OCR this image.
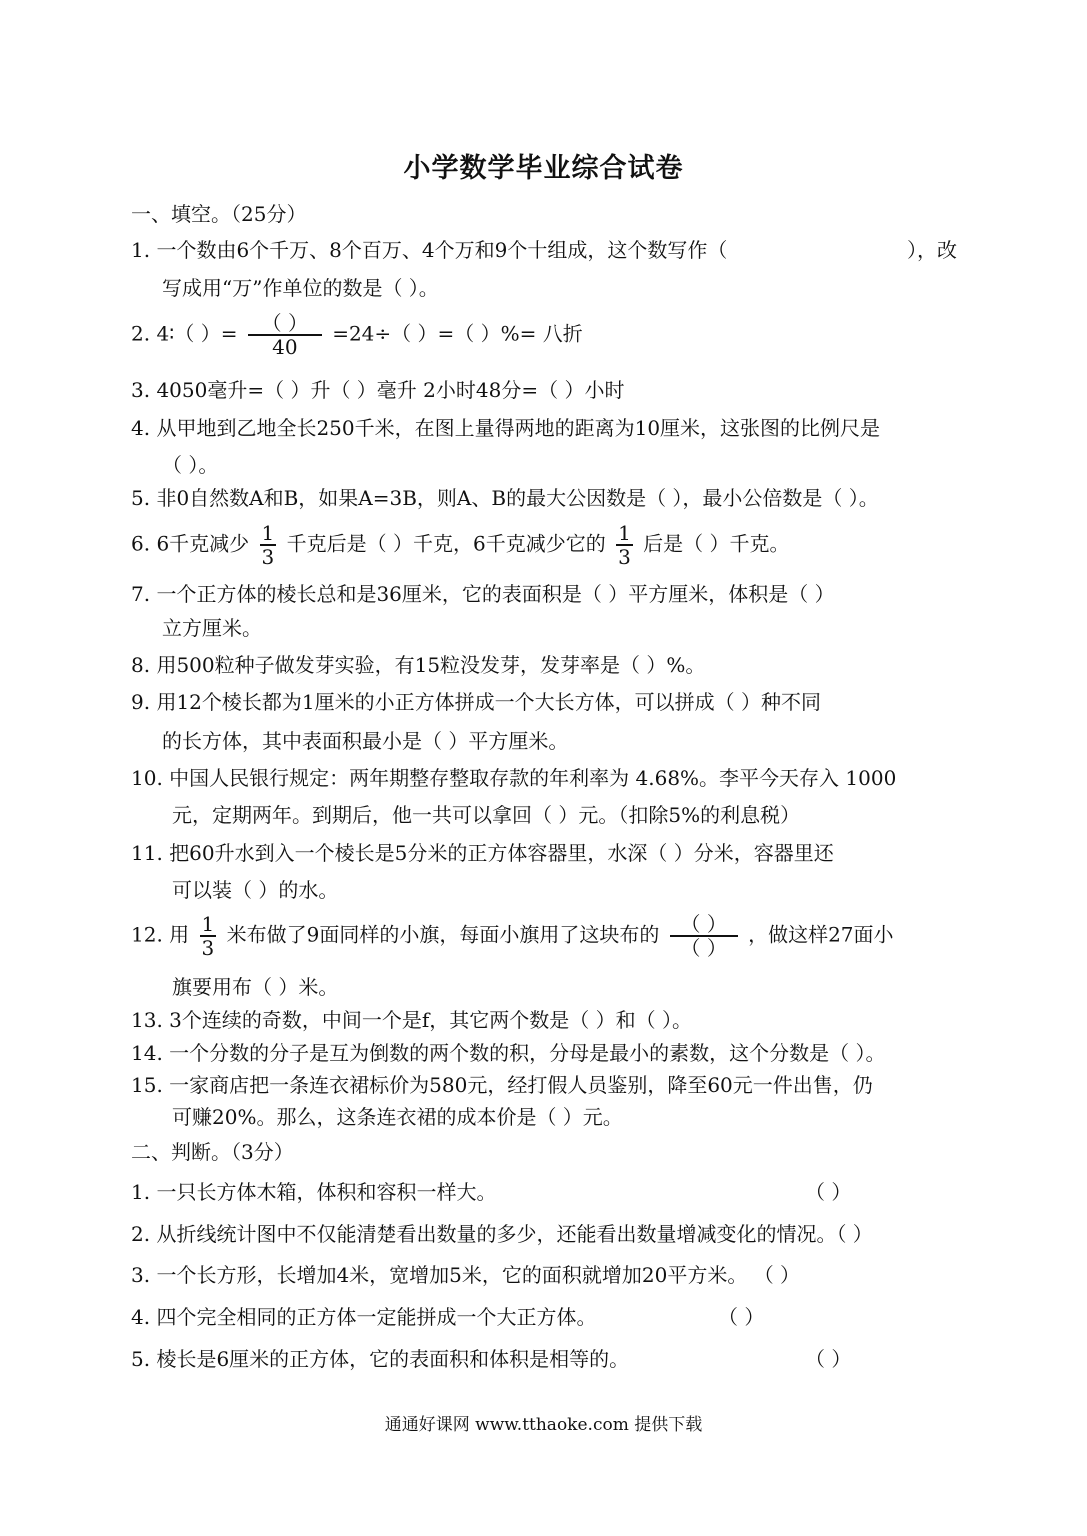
小学数学毕业综合试卷
一、填空。（25分）
1. 一个数由6个千万、8个百万、4个万和9个十组成，这个数写作（	），改
写成用“万”作单位的数是（ ）。
2. 4∶（ ）= $\frac{( )}{40} =24\div$（ ）=（ ）%= 八折
3. 4050毫升=（ ）升（ ）毫升 2小时48分=（ ）小时
4. 从甲地到乙地全长250千米，在图上量得两地的距离为10厘米，这张图的比例尺是
（ ）。
5. 非0自然数A和B，如果A=3B，则A、B的最大公因数是（ ），最小公倍数是（ ）。
6. 6千克减少 $\frac{1}{3}$ 千克后是（ ）千克，6千克减少它的 $\frac{1}{3}$ 后是（ ）千克。
7. 一个正方体的棱长总和是36厘米，它的表面积是（ ）平方厘米，体积是（ ）
立方厘米。
8. 用500粒种子做发芽实验，有15粒没发芽，发芽率是（ ）%。
9. 用12个棱长都为1厘米的小正方体拼成一个大长方体，可以拼成（ ）种不同
的长方体，其中表面积最小是（ ）平方厘米。
10. 中国人民银行规定：两年期整存整取存款的年利率为 4.68%。李平今天存入 1000
元，定期两年。到期后，他一共可以拿回（ ）元。（扣除5%的利息税）
11. 把60升水到入一个棱长是5分米的正方体容器里，水深（ ）分米，容器里还
可以装（ ）的水。
12. 用 $\frac{1}{3}$ 米布做了9面同样的小旗，每面小旗用了这块布的 $\frac{( )}{( )}$ ，做这样27面小
旗要用布（ ）米。
13. 3个连续的奇数，中间一个是f，其它两个数是（ ）和（ ）。
14. 一个分数的分子是互为倒数的两个数的积，分母是最小的素数，这个分数是（ ）。
15. 一家商店把一条连衣裙标价为580元，经打假人员鉴别，降至60元一件出售，仍
可赚20%。那么，这条连衣裙的成本价是（ ）元。
二、判断。（3分）
1. 一只长方体木箱，体积和容积一样大。	（ ）
2. 从折线统计图中不仅能清楚看出数量的多少，还能看出数量增减变化的情况。（ ）
3. 一个长方形，长增加4米，宽增加5米，它的面积就增加20平方米。 （ ）
4. 四个完全相同的正方体一定能拼成一个大正方体。	（ ）
5. 棱长是6厘米的正方体，它的表面积和体积是相等的。	（ ）
通通好课网 www.tthaoke.com 提供下载
